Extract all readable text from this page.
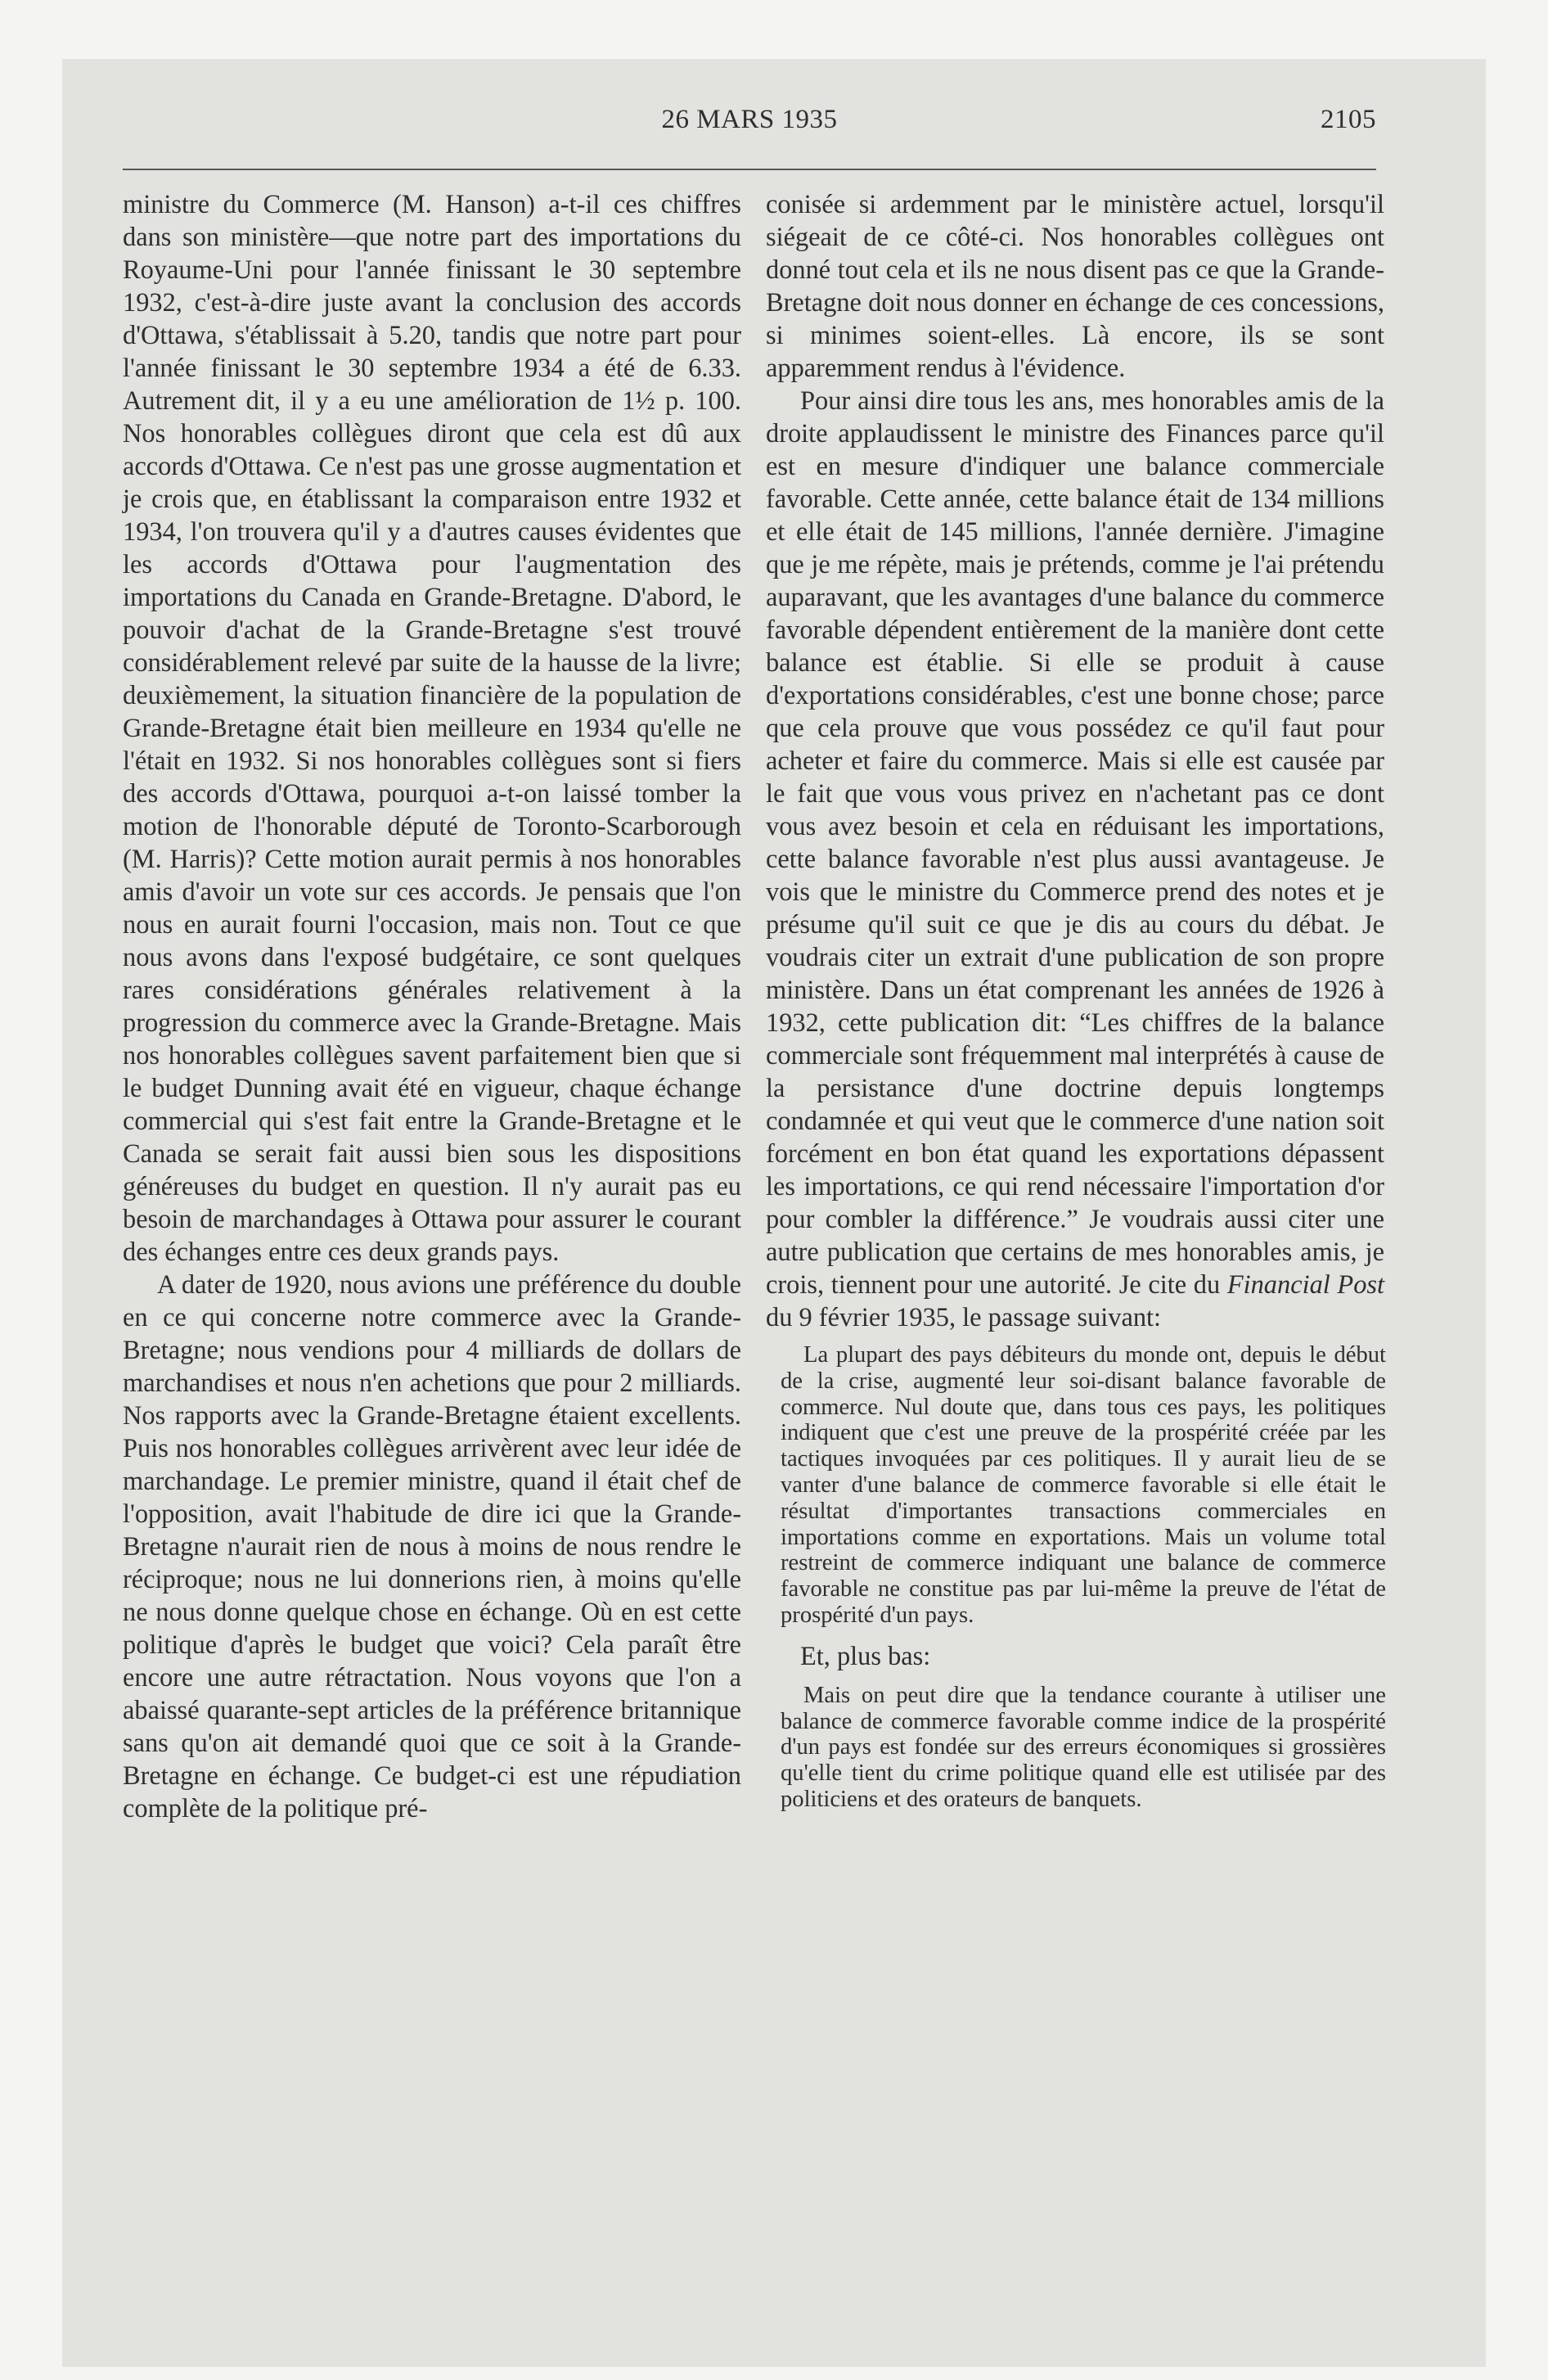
26 MARS 1935	2105

ministre du Commerce (M. Hanson) a-t-il ces chiffres dans son ministère—que notre part des importations du Royaume-Uni pour l'année finissant le 30 septembre 1932, c'est-à-dire juste avant la conclusion des accords d'Ottawa, s'établissait à 5.20, tandis que notre part pour l'année finissant le 30 septembre 1934 a été de 6.33. Autrement dit, il y a eu une amélioration de 1½ p. 100. Nos honorables collègues diront que cela est dû aux accords d'Ottawa. Ce n'est pas une grosse augmentation et je crois que, en établissant la comparaison entre 1932 et 1934, l'on trouvera qu'il y a d'autres causes évidentes que les accords d'Ottawa pour l'augmentation des importations du Canada en Grande-Bretagne. D'abord, le pouvoir d'achat de la Grande-Bretagne s'est trouvé considérablement relevé par suite de la hausse de la livre; deuxièmement, la situation financière de la population de Grande-Bretagne était bien meilleure en 1934 qu'elle ne l'était en 1932. Si nos honorables collègues sont si fiers des accords d'Ottawa, pourquoi a-t-on laissé tomber la motion de l'honorable député de Toronto-Scarborough (M. Harris)? Cette motion aurait permis à nos honorables amis d'avoir un vote sur ces accords. Je pensais que l'on nous en aurait fourni l'occasion, mais non. Tout ce que nous avons dans l'exposé budgétaire, ce sont quelques rares considérations générales relativement à la progression du commerce avec la Grande-Bretagne. Mais nos honorables collègues savent parfaitement bien que si le budget Dunning avait été en vigueur, chaque échange commercial qui s'est fait entre la Grande-Bretagne et le Canada se serait fait aussi bien sous les dispositions généreuses du budget en question. Il n'y aurait pas eu besoin de marchandages à Ottawa pour assurer le courant des échanges entre ces deux grands pays.

A dater de 1920, nous avions une préférence du double en ce qui concerne notre commerce avec la Grande-Bretagne; nous vendions pour 4 milliards de dollars de marchandises et nous n'en achetions que pour 2 milliards. Nos rapports avec la Grande-Bretagne étaient excellents. Puis nos honorables collègues arrivèrent avec leur idée de marchandage. Le premier ministre, quand il était chef de l'opposition, avait l'habitude de dire ici que la Grande-Bretagne n'aurait rien de nous à moins de nous rendre le réciproque; nous ne lui donnerions rien, à moins qu'elle ne nous donne quelque chose en échange. Où en est cette politique d'après le budget que voici? Cela paraît être encore une autre rétractation. Nous voyons que l'on a abaissé quarante-sept articles de la préférence britannique sans qu'on ait demandé quoi que ce soit à la Grande-Bretagne en échange. Ce budget-ci est une répudiation complète de la politique pré-

conisée si ardemment par le ministère actuel, lorsqu'il siégeait de ce côté-ci. Nos honorables collègues ont donné tout cela et ils ne nous disent pas ce que la Grande-Bretagne doit nous donner en échange de ces concessions, si minimes soient-elles. Là encore, ils se sont apparemment rendus à l'évidence.

Pour ainsi dire tous les ans, mes honorables amis de la droite applaudissent le ministre des Finances parce qu'il est en mesure d'indiquer une balance commerciale favorable. Cette année, cette balance était de 134 millions et elle était de 145 millions, l'année dernière. J'imagine que je me répète, mais je prétends, comme je l'ai prétendu auparavant, que les avantages d'une balance du commerce favorable dépendent entièrement de la manière dont cette balance est établie. Si elle se produit à cause d'exportations considérables, c'est une bonne chose; parce que cela prouve que vous possédez ce qu'il faut pour acheter et faire du commerce. Mais si elle est causée par le fait que vous vous privez en n'achetant pas ce dont vous avez besoin et cela en réduisant les importations, cette balance favorable n'est plus aussi avantageuse. Je vois que le ministre du Commerce prend des notes et je présume qu'il suit ce que je dis au cours du débat. Je voudrais citer un extrait d'une publication de son propre ministère. Dans un état comprenant les années de 1926 à 1932, cette publication dit: “Les chiffres de la balance commerciale sont fréquemment mal interprétés à cause de la persistance d'une doctrine depuis longtemps condamnée et qui veut que le commerce d'une nation soit forcément en bon état quand les exportations dépassent les importations, ce qui rend nécessaire l'importation d'or pour combler la différence.” Je voudrais aussi citer une autre publication que certains de mes honorables amis, je crois, tiennent pour une autorité. Je cite du Financial Post du 9 février 1935, le passage suivant:

La plupart des pays débiteurs du monde ont, depuis le début de la crise, augmenté leur soi-disant balance favorable de commerce. Nul doute que, dans tous ces pays, les politiques indiquent que c'est une preuve de la prospérité créée par les tactiques invoquées par ces politiques. Il y aurait lieu de se vanter d'une balance de commerce favorable si elle était le résultat d'importantes transactions commerciales en importations comme en exportations. Mais un volume total restreint de commerce indiquant une balance de commerce favorable ne constitue pas par lui-même la preuve de l'état de prospérité d'un pays.

Et, plus bas:

Mais on peut dire que la tendance courante à utiliser une balance de commerce favorable comme indice de la prospérité d'un pays est fondée sur des erreurs économiques si grossières qu'elle tient du crime politique quand elle est utilisée par des politiciens et des orateurs de banquets.
